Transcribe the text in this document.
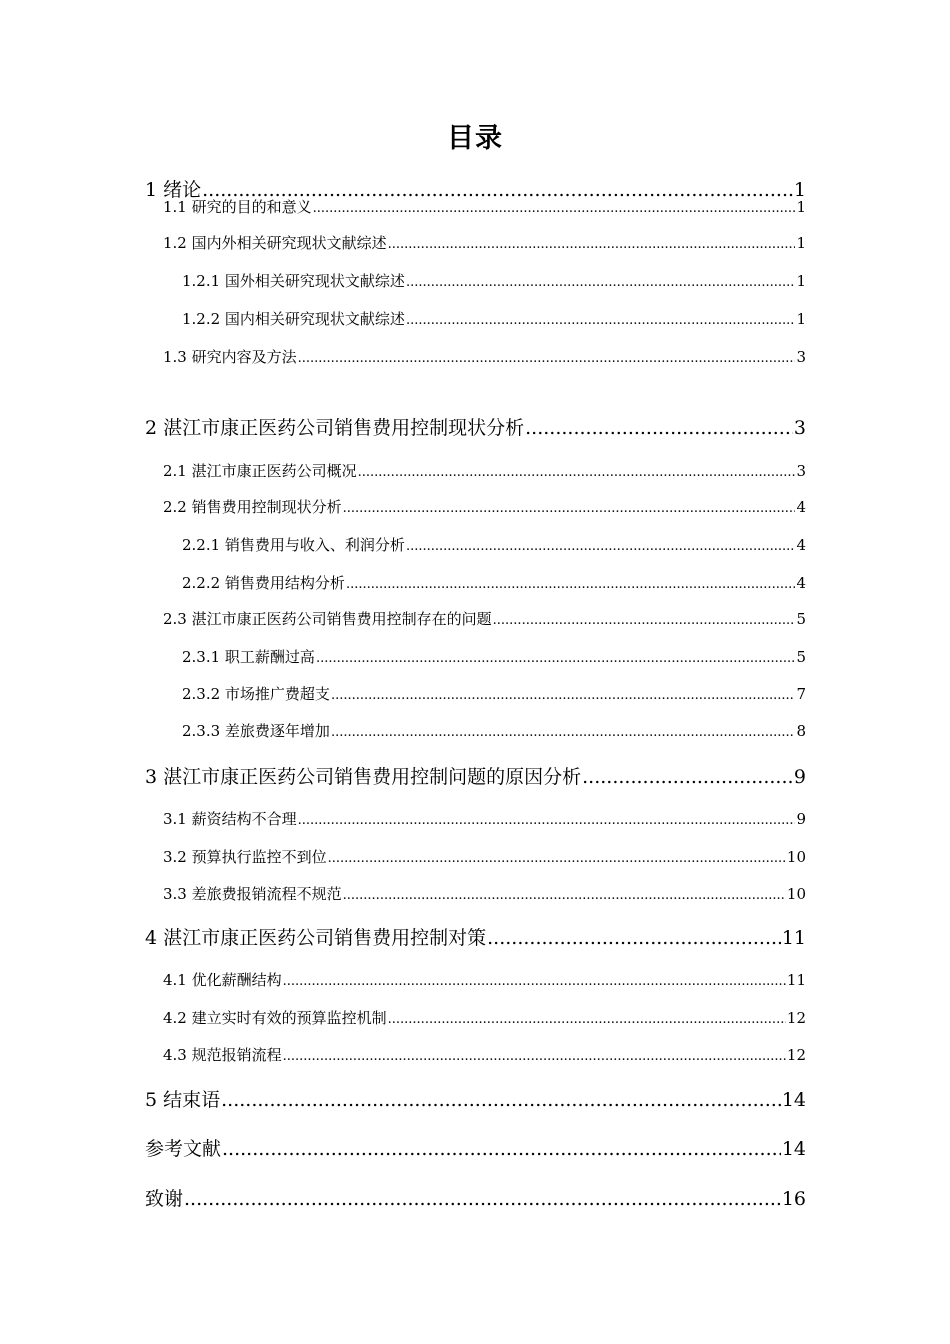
目录
1 绪论 .....	1
1.1 研究的目的和意义 .....	1
1.2 国内外相关研究现状文献综述 .....	1
1.2.1 国外相关研究现状文献综述 .....	1
1.2.2 国内相关研究现状文献综述 .....	1
1.3 研究内容及方法 .....	3
2 湛江市康正医药公司销售费用控制现状分析 .....	3
2.1 湛江市康正医药公司概况 .....	3
2.2 销售费用控制现状分析 .....	4
2.2.1 销售费用与收入、利润分析 .....	4
2.2.2 销售费用结构分析 .....	4
2.3 湛江市康正医药公司销售费用控制存在的问题 .....	5
2.3.1 职工薪酬过高 .....	5
2.3.2 市场推广费超支 .....	7
2.3.3 差旅费逐年增加 .....	8
3 湛江市康正医药公司销售费用控制问题的原因分析 .....	9
3.1 薪资结构不合理 .....	9
3.2 预算执行监控不到位 .....	10
3.3 差旅费报销流程不规范 .....	10
4 湛江市康正医药公司销售费用控制对策 .....	11
4.1 优化薪酬结构 .....	11
4.2 建立实时有效的预算监控机制 .....	12
4.3 规范报销流程 .....	12
5 结束语 .....	14
参考文献 .....	14
致谢 .....	16
